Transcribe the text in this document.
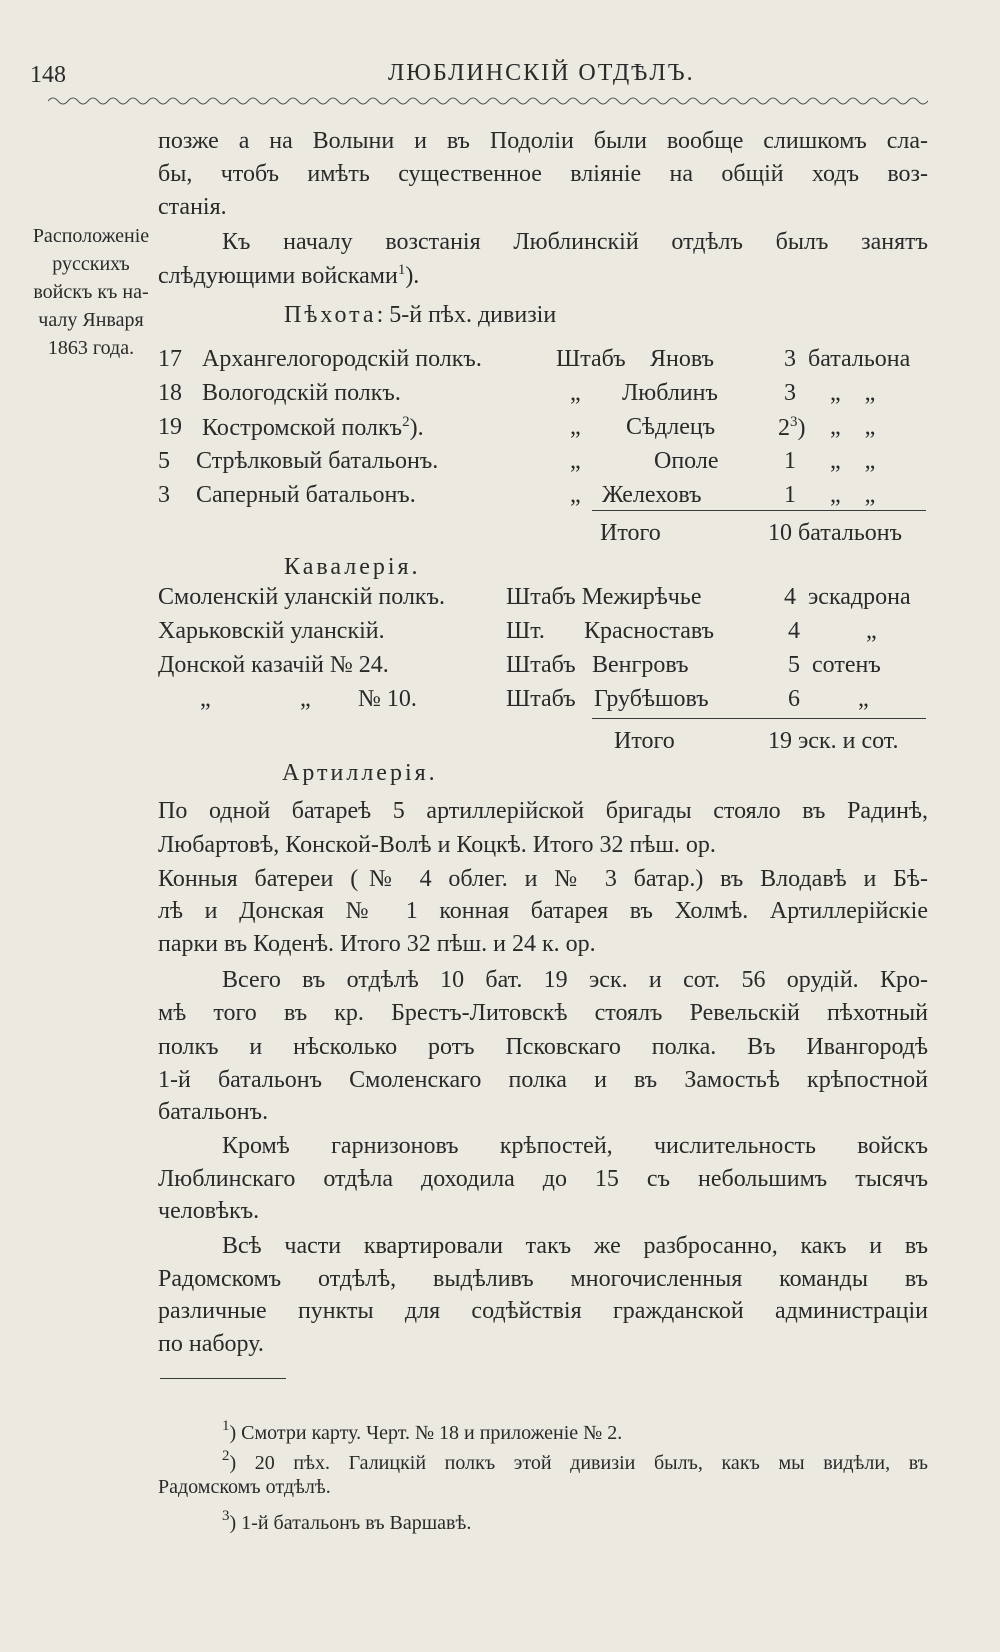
148	ЛЮБЛИНСКІЙ ОТДѢЛЪ.
Расположеніе русскихъ войскъ къ на-чалу Января 1863 года.
позже а на Волыни и въ Подоліи были вообще слишкомъ сла-
бы, чтобъ имѣть существенное вліяніе на общій ходъ воз-
станія.
Къ началу возстанія Люблинскій отдѣлъ былъ занятъ
слѣдующими войсками$^1$).
Пѣхота: 5-й пѣх. дивизіи
17 Архангелогородскій полкъ.	Штабъ Яновъ	3 батальона
18 Вологодскій полкъ.	„ Люблинъ	3 „    „
19 Костромской полкъ$^2$).	„ Сѣдлецъ	$2^3$) „    „
5	Стрѣлковый батальонъ.	„	Ополе	1 „    „
3	Саперный батальонъ.	„ Желеховъ	1 „    „
Итого	10 батальонъ
Кавалерія.
Смоленскій уланскій полкъ.	Штабъ Межирѣчье	4 эскадрона
Харьковскій уланскій.	Шт. Красноставъ	4	„
Донской казачій № 24.	Штабъ Венгровъ	5 сотенъ
„	„ № 10.	Штабъ Грубѣшовъ	6 „
Итого	19 эск. и сот.
Артиллерія.
По одной батареѣ 5 артиллерійской бригады стояло въ Радинѣ,
Любартовѣ, Конской-Волѣ и Коцкѣ. Итого 32 пѣш. ор.
Конныя батереи (№ 4 облег. и № 3 батар.) въ Влодавѣ и Бѣ-
лѣ и Донская № 1 конная батарея въ Холмѣ. Артиллерійскіе
парки въ Коденѣ. Итого 32 пѣш. и 24 к. ор.
Всего въ отдѣлѣ 10 бат. 19 эск. и сот. 56 орудій. Кро-
мѣ того въ кр. Брестъ-Литовскѣ стоялъ Ревельскій пѣхотный
полкъ и нѣсколько ротъ Псковскаго полка. Въ Ивангородѣ
1-й батальонъ Смоленскаго полка и въ Замостьѣ крѣпостной
батальонъ.
Кромѣ гарнизоновъ крѣпостей, числительность войскъ
Люблинскаго отдѣла доходила до 15 съ небольшимъ тысячъ
человѣкъ.
Всѣ части квартировали такъ же разбросанно, какъ и въ
Радомскомъ отдѣлѣ, выдѣливъ многочисленныя команды въ
различные пункты для содѣйствія гражданской администраціи
по набору.
$^1$) Смотри карту. Черт. № 18 и приложеніе № 2.
$^2$) 20 пѣх. Галицкій полкъ этой дивизіи былъ, какъ мы видѣли, въ
Радомскомъ отдѣлѣ.
$^3$) 1-й батальонъ въ Варшавѣ.
